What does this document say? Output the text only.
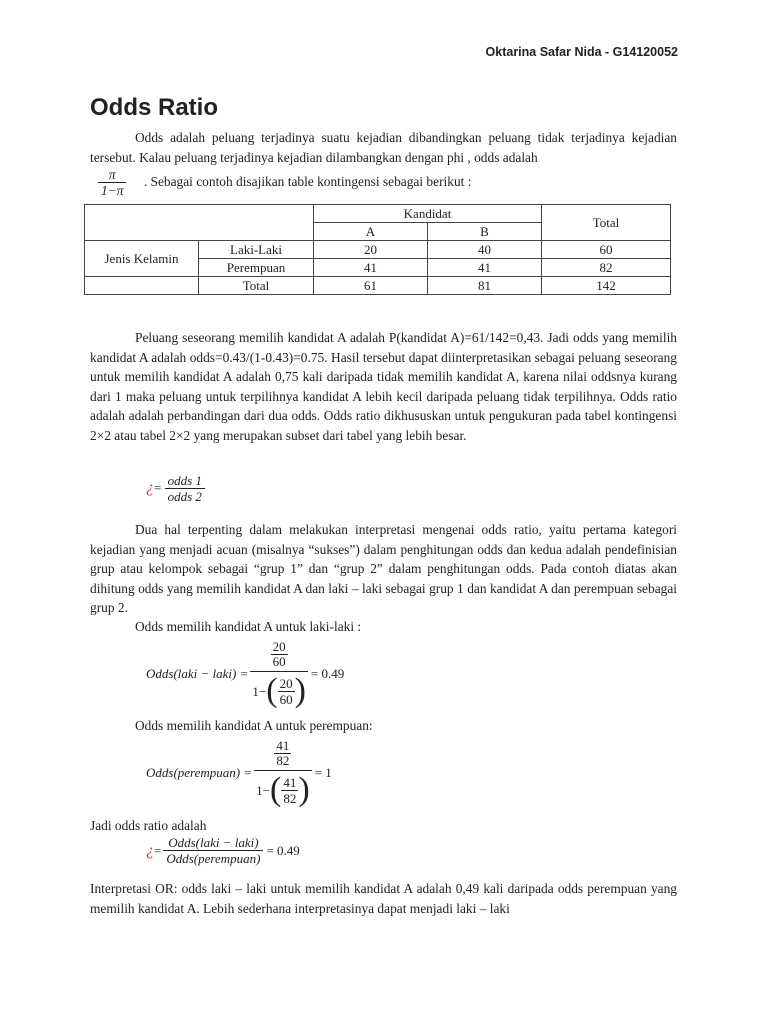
Oktarina Safar Nida - G14120052
Odds Ratio

Odds adalah peluang terjadinya suatu kejadian dibandingkan peluang tidak terjadinya kejadian tersebut. Kalau peluang terjadinya kejadian dilambangkan dengan phi , odds adalah

$\frac{\pi}{1-\pi}$ . Sebagai contoh disajikan table kontingensi sebagai berikut :
		Kandidat		Total
		A	B	
Jenis Kelamin	Laki-Laki	20	40	60
	Perempuan	41	41	82
	Total	61	81	142

Peluang seseorang memilih kandidat A adalah P(kandidat A)=61/142=0,43. Jadi odds yang memilih kandidat A adalah odds=0.43/(1-0.43)=0.75. Hasil tersebut dapat diinterpretasikan sebagai peluang seseorang untuk memilih kandidat A adalah 0,75 kali daripada tidak memilih kandidat A, karena nilai oddsnya kurang dari 1 maka peluang untuk terpilihnya kandidat A lebih kecil daripada peluang tidak terpilihnya. Odds ratio adalah adalah perbandingan dari dua odds. Odds ratio dikhususkan untuk pengukuran pada tabel kontingensi 2×2 atau tabel 2×2 yang merupakan subset dari tabel yang lebih besar.

¿= $\frac{\text{odds 1}}{\text{odds 2}}$

Dua hal terpenting dalam melakukan interpretasi mengenai odds ratio, yaitu pertama kategori kejadian yang menjadi acuan (misalnya “sukses”) dalam penghitungan odds dan kedua adalah pendefinisian grup atau kelompok sebagai “grup 1” dan “grup 2” dalam penghitungan odds. Pada contoh diatas akan dihitung odds yang memilih kandidat A dan laki – laki sebagai grup 1 dan kandidat A dan perempuan sebagai grup 2.

Odds memilih kandidat A untuk laki-laki :
Odds(laki − laki) =
20
60
1− ( 20
60 ) = 0.49
Odds memilih kandidat A untuk perempuan:
Odds(perempuan) =
41
82
1− ( 41
82 ) = 1
Jadi odds ratio adalah
¿ = $\frac{\text{Odds(laki − laki)}}{\text{Odds(perempuan)}} = 0.49$

Interpretasi OR: odds laki – laki untuk memilih kandidat A adalah 0,49 kali daripada odds perempuan yang memilih kandidat A. Lebih sederhana interpretasinya dapat menjadi laki – laki
